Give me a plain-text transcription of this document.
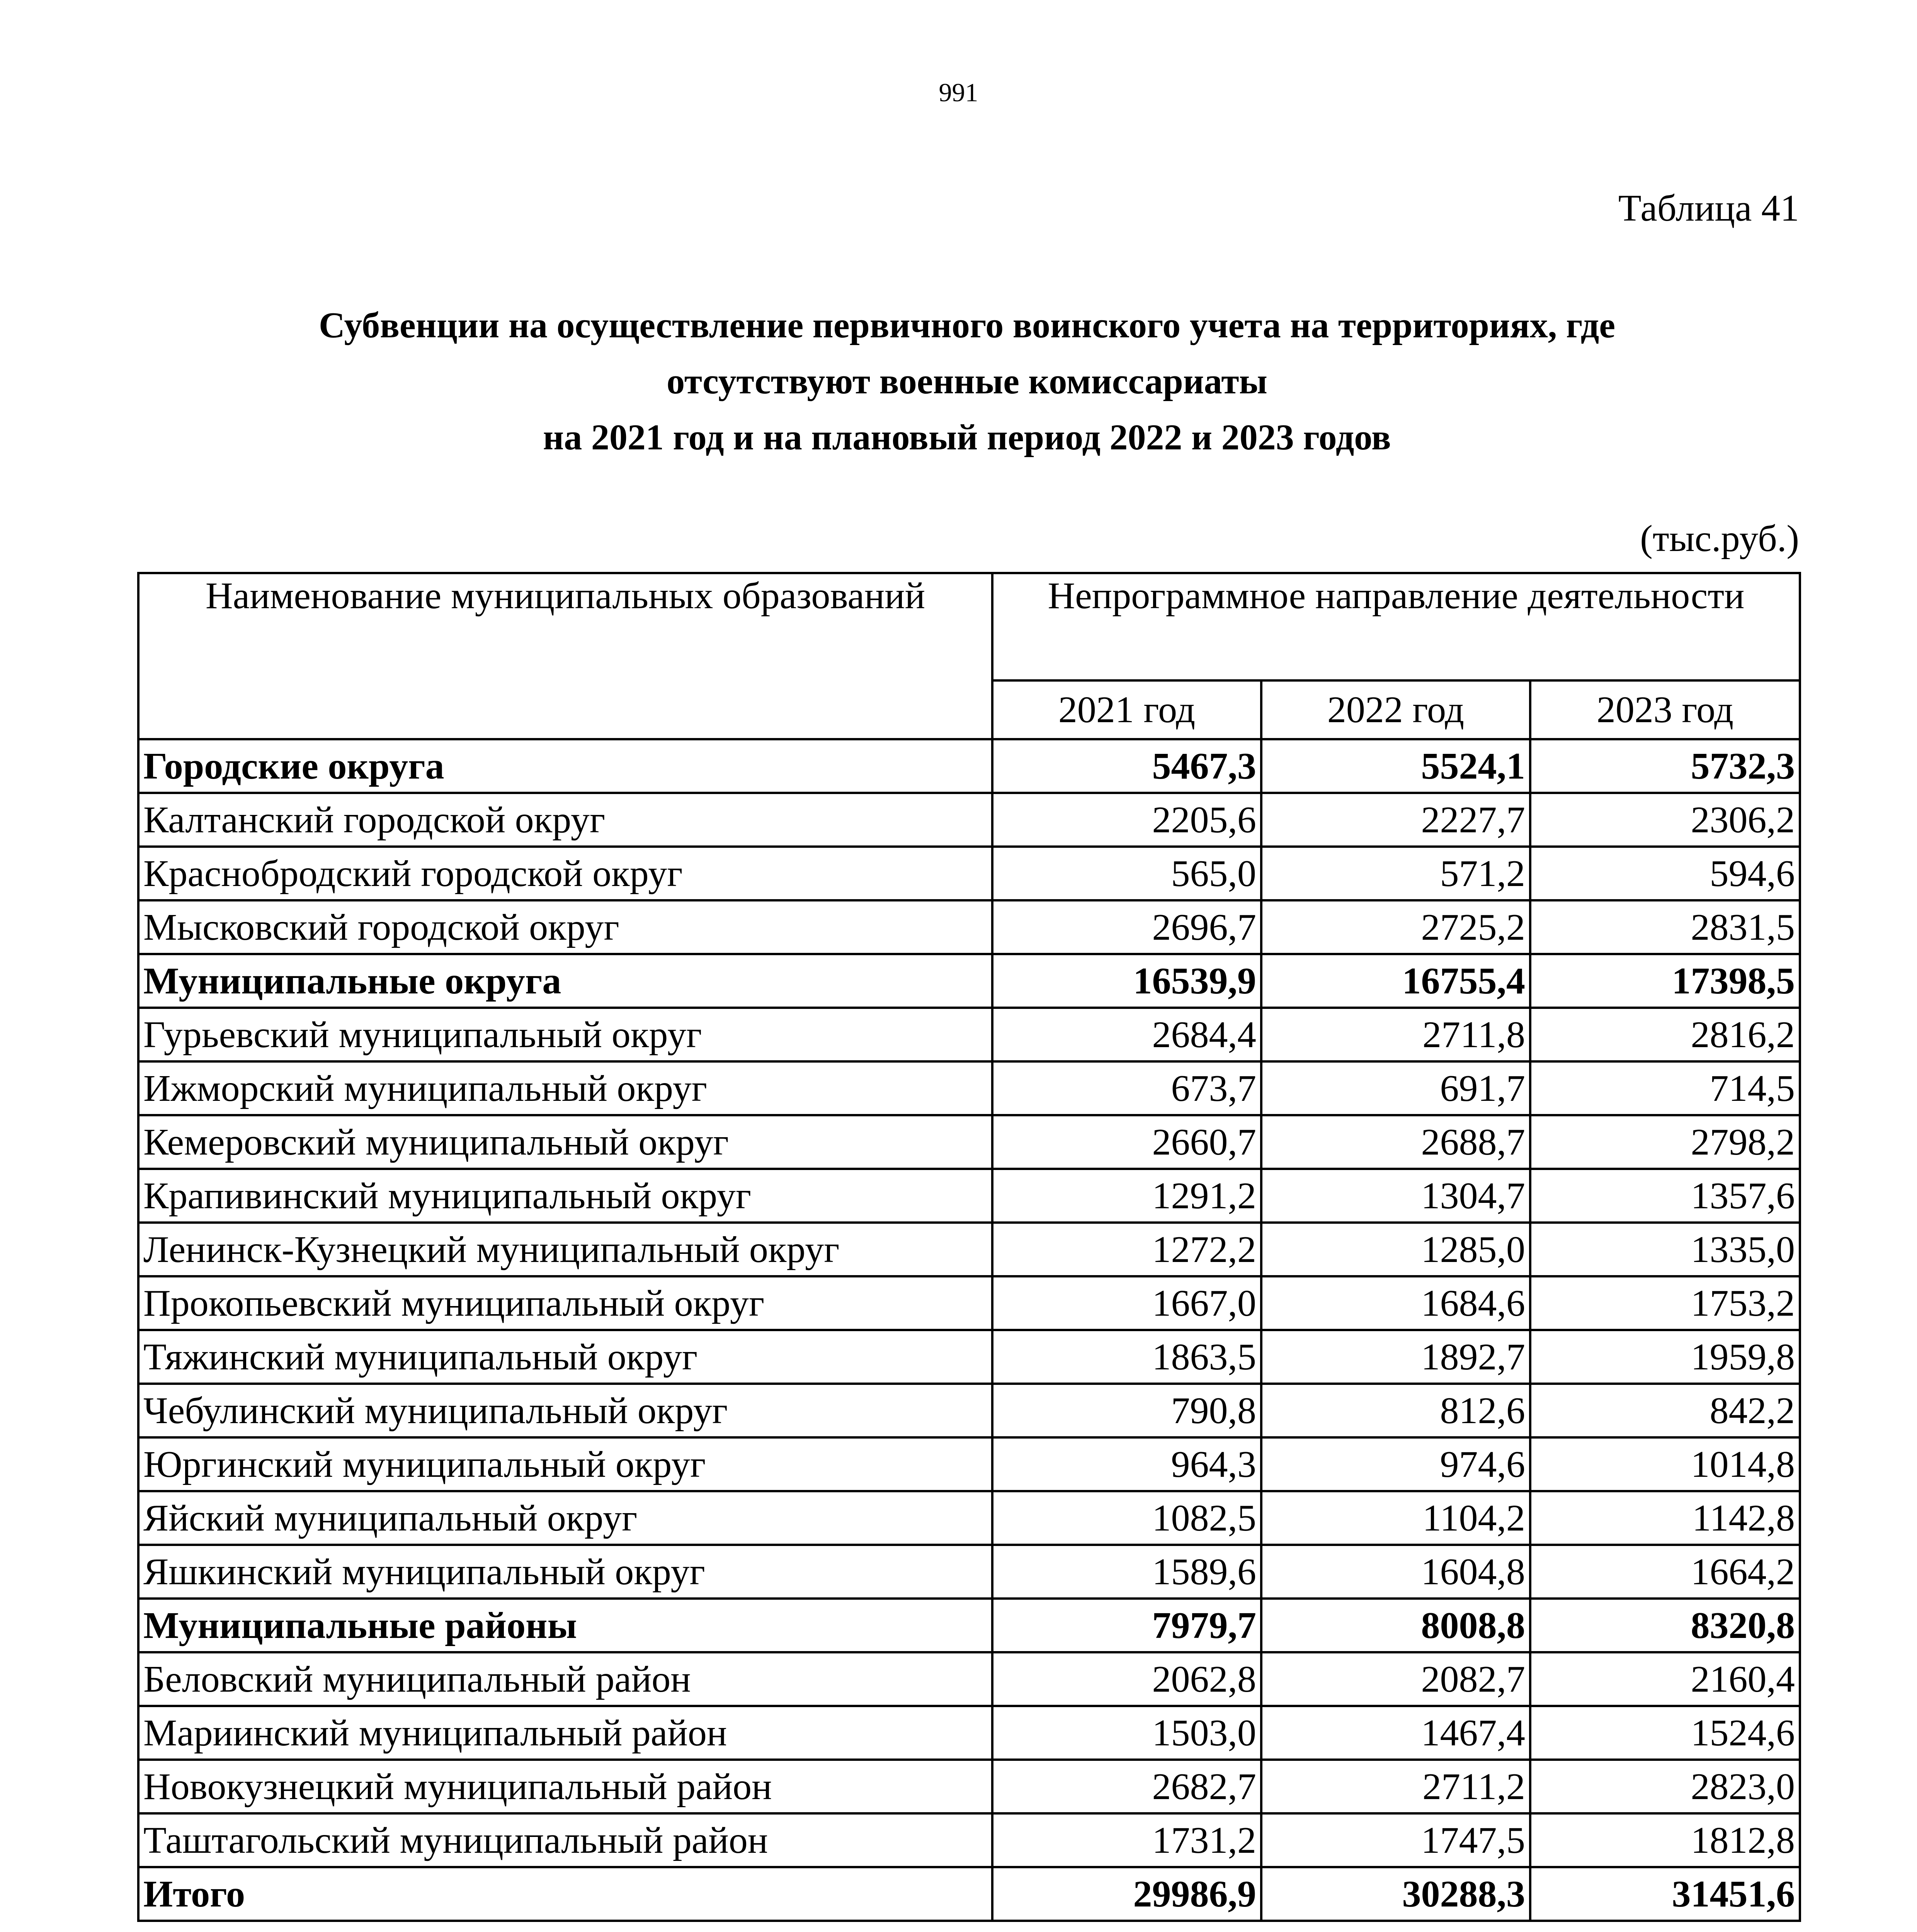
991
Таблица 41
Субвенции на осуществление первичного воинского учета на территориях, где
отсутствуют военные комиссариаты
на 2021 год и на плановый период 2022 и 2023 годов
(тыс.руб.)
Наименование муниципальных образований	Непрограммное направление деятельности		
	2021 год	2022 год	2023 год
Городские округа	5467,3	5524,1	5732,3
Калтанский городской округ	2205,6	2227,7	2306,2
Краснобродский городской округ	565,0	571,2	594,6
Мысковский городской округ	2696,7	2725,2	2831,5
Муниципальные округа	16539,9	16755,4	17398,5
Гурьевский муниципальный округ	2684,4	2711,8	2816,2
Ижморский муниципальный округ	673,7	691,7	714,5
Кемеровский муниципальный округ	2660,7	2688,7	2798,2
Крапивинский муниципальный округ	1291,2	1304,7	1357,6
Ленинск-Кузнецкий муниципальный округ	1272,2	1285,0	1335,0
Прокопьевский муниципальный округ	1667,0	1684,6	1753,2
Тяжинский муниципальный округ	1863,5	1892,7	1959,8
Чебулинский муниципальный округ	790,8	812,6	842,2
Юргинский муниципальный округ	964,3	974,6	1014,8
Яйский муниципальный округ	1082,5	1104,2	1142,8
Яшкинский муниципальный округ	1589,6	1604,8	1664,2
Муниципальные районы	7979,7	8008,8	8320,8
Беловский муниципальный район	2062,8	2082,7	2160,4
Мариинский муниципальный район	1503,0	1467,4	1524,6
Новокузнецкий муниципальный район	2682,7	2711,2	2823,0
Таштагольский муниципальный район	1731,2	1747,5	1812,8
Итого	29986,9	30288,3	31451,6
